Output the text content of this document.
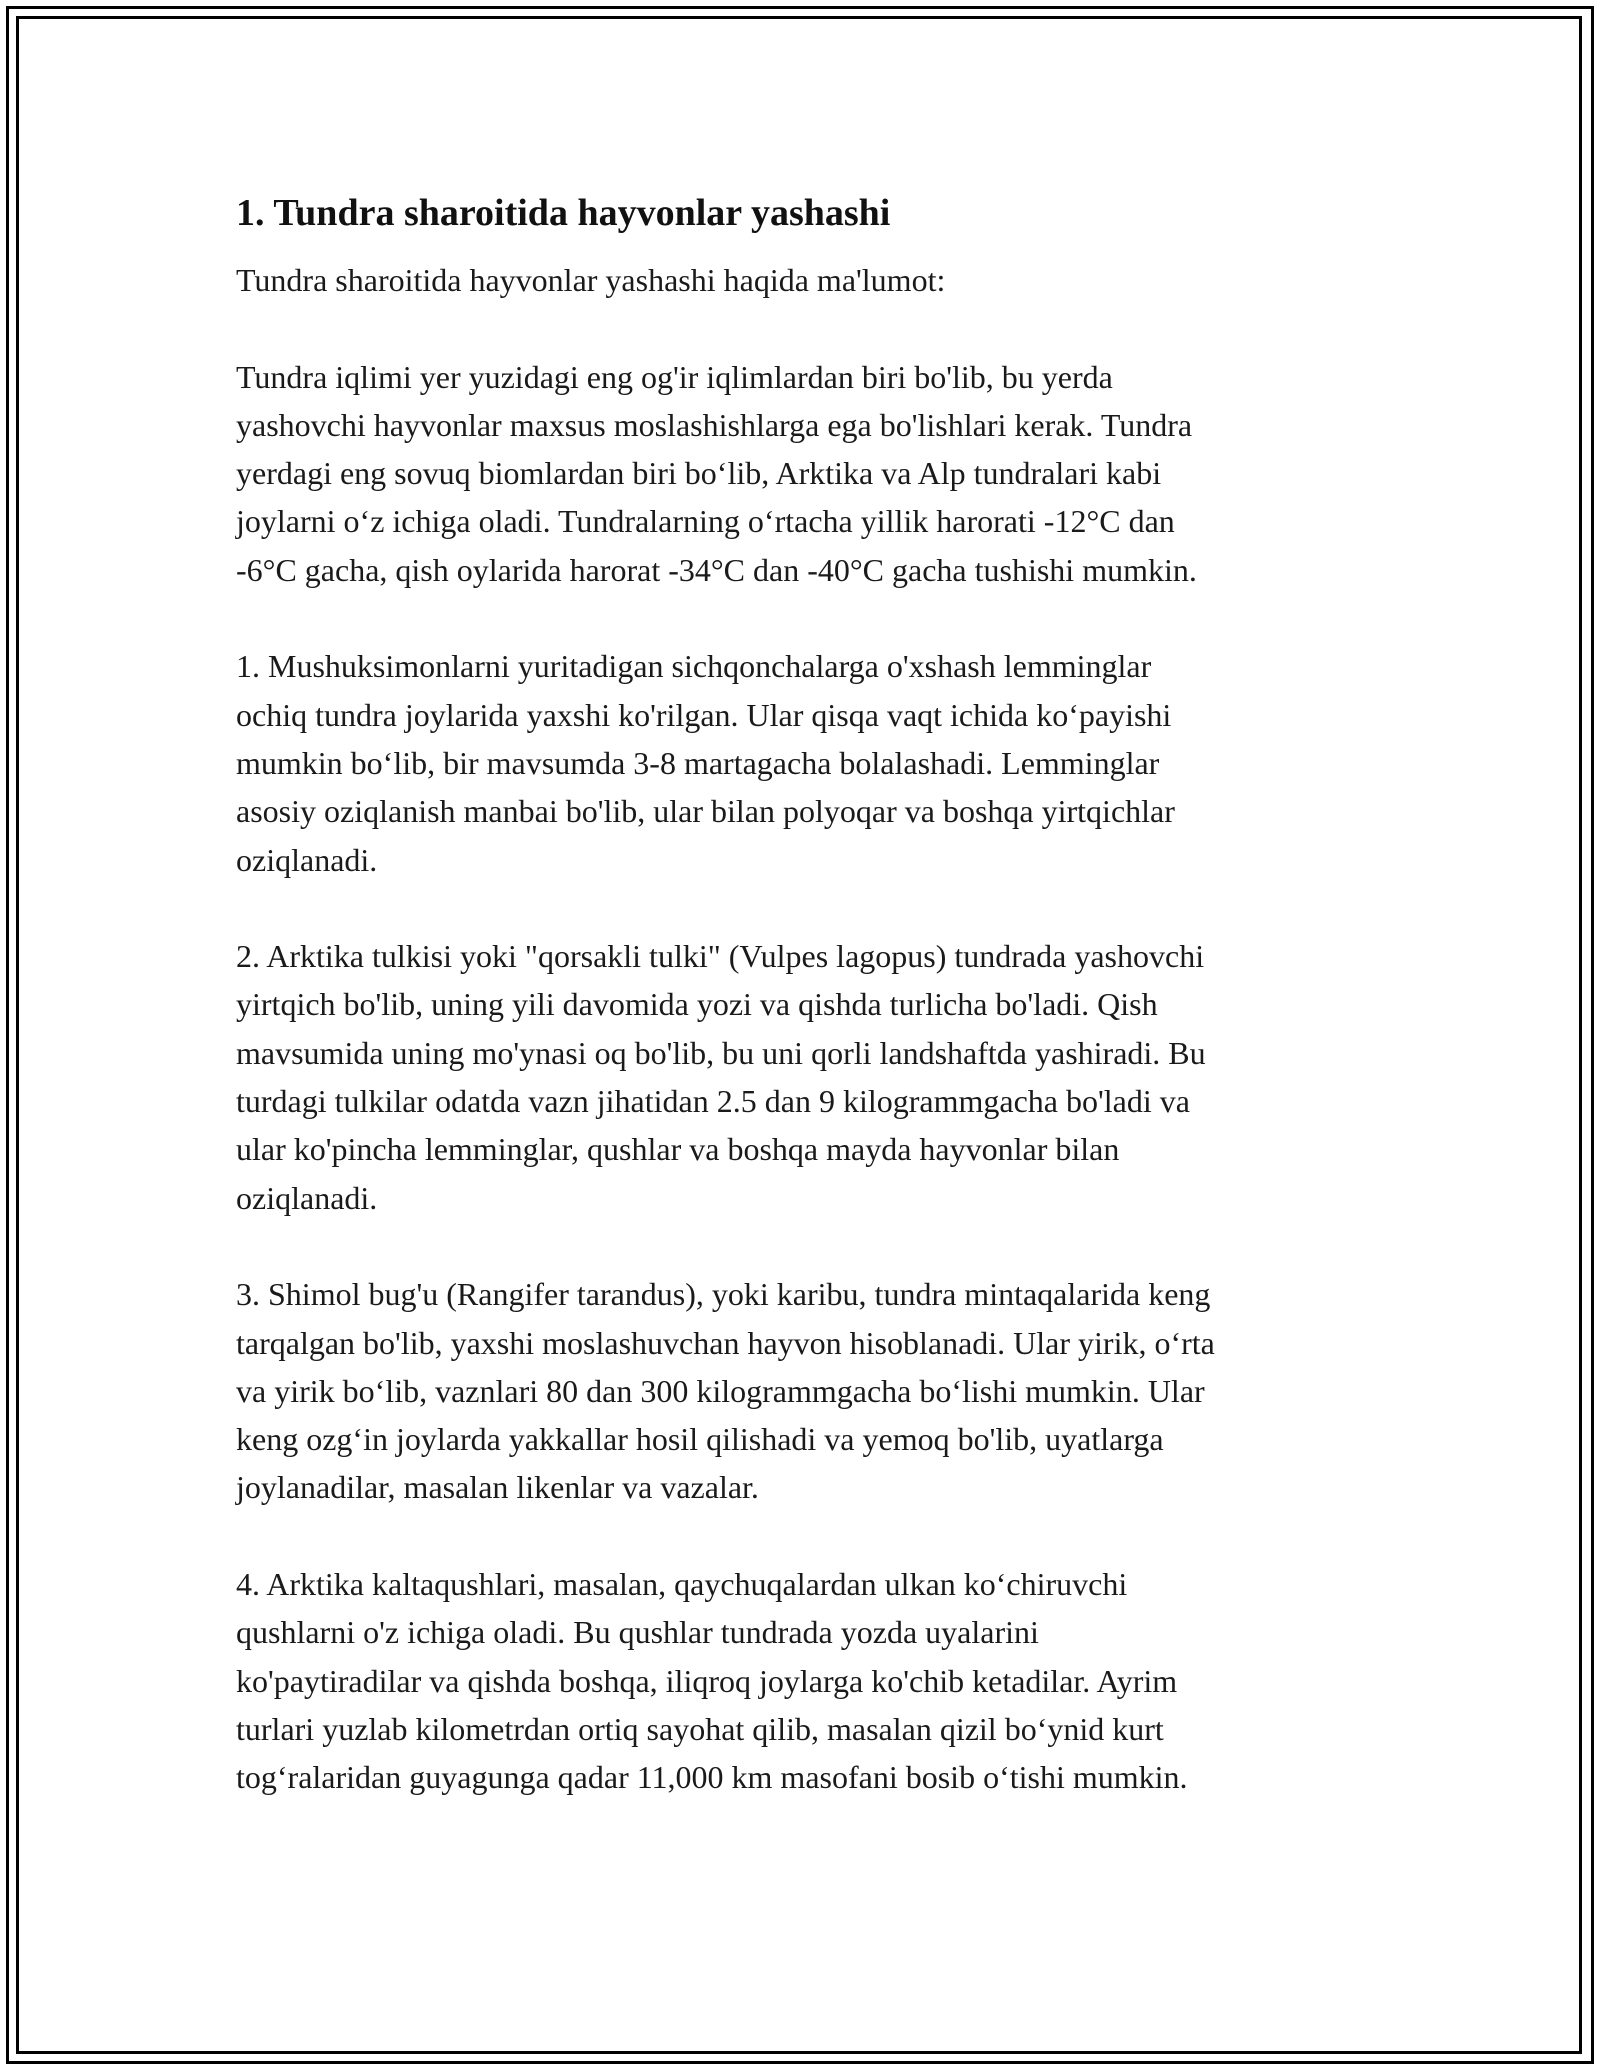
1. Tundra sharoitida hayvonlar yashashi

Tundra sharoitida hayvonlar yashashi haqida ma'lumot:

Tundra iqlimi yer yuzidagi eng og'ir iqlimlardan biri bo'lib, bu yerda
yashovchi hayvonlar maxsus moslashishlarga ega bo'lishlari kerak. Tundra
yerdagi eng sovuq biomlardan biri bo‘lib, Arktika va Alp tundralari kabi
joylarni o‘z ichiga oladi. Tundralarning o‘rtacha yillik harorati -12°C dan
-6°C gacha, qish oylarida harorat -34°C dan -40°C gacha tushishi mumkin.

1. Mushuksimonlarni yuritadigan sichqonchalarga o'xshash lemminglar
ochiq tundra joylarida yaxshi ko'rilgan. Ular qisqa vaqt ichida ko‘payishi
mumkin bo‘lib, bir mavsumda 3-8 martagacha bolalashadi. Lemminglar
asosiy oziqlanish manbai bo'lib, ular bilan polyoqar va boshqa yirtqichlar
oziqlanadi.

2. Arktika tulkisi yoki "qorsakli tulki" (Vulpes lagopus) tundrada yashovchi
yirtqich bo'lib, uning yili davomida yozi va qishda turlicha bo'ladi. Qish
mavsumida uning mo'ynasi oq bo'lib, bu uni qorli landshaftda yashiradi. Bu
turdagi tulkilar odatda vazn jihatidan 2.5 dan 9 kilogrammgacha bo'ladi va
ular ko'pincha lemminglar, qushlar va boshqa mayda hayvonlar bilan
oziqlanadi.

3. Shimol bug'u (Rangifer tarandus), yoki karibu, tundra mintaqalarida keng
tarqalgan bo'lib, yaxshi moslashuvchan hayvon hisoblanadi. Ular yirik, o‘rta
va yirik bo‘lib, vaznlari 80 dan 300 kilogrammgacha bo‘lishi mumkin. Ular
keng ozg‘in joylarda yakkallar hosil qilishadi va yemoq bo'lib, uyatlarga
joylanadilar, masalan likenlar va vazalar.

4. Arktika kaltaqushlari, masalan, qaychuqalardan ulkan ko‘chiruvchi
qushlarni o'z ichiga oladi. Bu qushlar tundrada yozda uyalarini
ko'paytiradilar va qishda boshqa, iliqroq joylarga ko'chib ketadilar. Ayrim
turlari yuzlab kilometrdan ortiq sayohat qilib, masalan qizil bo‘ynid kurt
tog‘ralaridan guyagunga qadar 11,000 km masofani bosib o‘tishi mumkin.
